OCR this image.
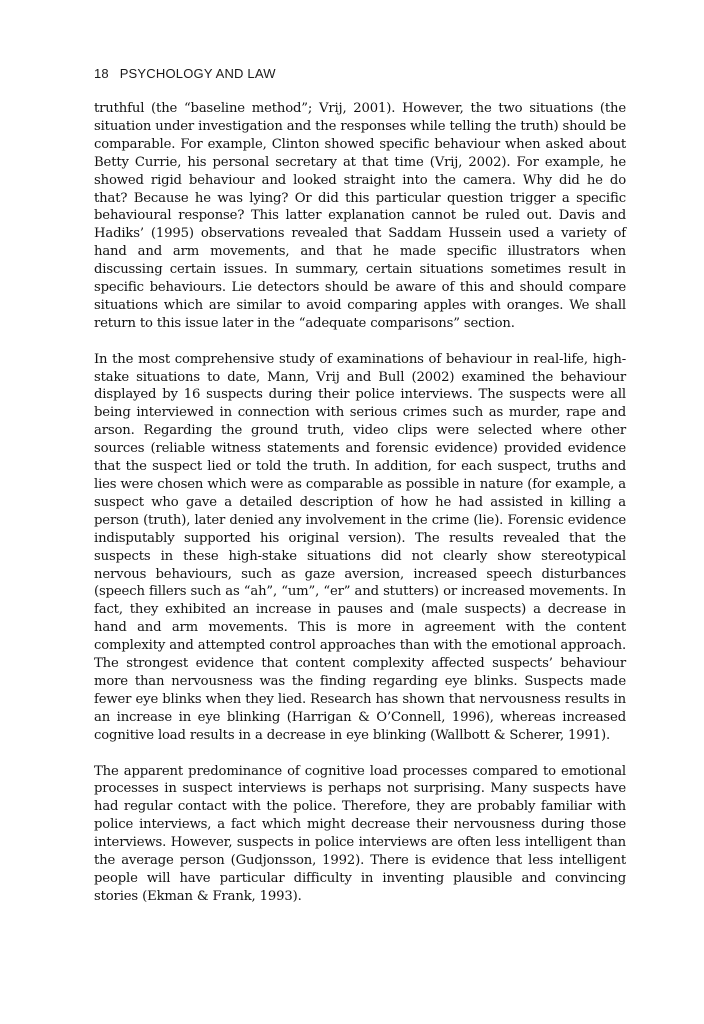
18 PSYCHOLOGY AND LAW

truthful (the “baseline method”; Vrij, 2001). However, the two situations (the situation under investigation and the responses while telling the truth) should be comparable. For example, Clinton showed specific behaviour when asked about Betty Currie, his personal secretary at that time (Vrij, 2002). For example, he showed rigid behaviour and looked straight into the camera. Why did he do that? Because he was lying? Or did this particular question trigger a specific behavioural response? This latter explanation cannot be ruled out. Davis and Hadiks’ (1995) observations revealed that Saddam Hussein used a variety of hand and arm movements, and that he made specific illustrators when discussing certain issues. In summary, certain situations sometimes result in specific behaviours. Lie detectors should be aware of this and should compare situations which are similar to avoid comparing apples with oranges. We shall return to this issue later in the “adequate comparisons” section.

In the most comprehensive study of examinations of behaviour in real-life, high-stake situations to date, Mann, Vrij and Bull (2002) examined the behaviour displayed by 16 suspects during their police interviews. The suspects were all being interviewed in connection with serious crimes such as murder, rape and arson. Regarding the ground truth, video clips were selected where other sources (reliable witness statements and forensic evidence) provided evidence that the suspect lied or told the truth. In addition, for each suspect, truths and lies were chosen which were as comparable as possible in nature (for example, a suspect who gave a detailed description of how he had assisted in killing a person (truth), later denied any involvement in the crime (lie). Forensic evidence indisputably supported his original version). The results revealed that the suspects in these high-stake situations did not clearly show stereotypical nervous behaviours, such as gaze aversion, increased speech disturbances (speech fillers such as “ah”, “um”, “er” and stutters) or increased movements. In fact, they exhibited an increase in pauses and (male suspects) a decrease in hand and arm movements. This is more in agreement with the content complexity and attempted control approaches than with the emotional approach. The strongest evidence that content complexity affected suspects’ behaviour more than nervousness was the finding regarding eye blinks. Suspects made fewer eye blinks when they lied. Research has shown that nervousness results in an increase in eye blinking (Harrigan & O’Connell, 1996), whereas increased cognitive load results in a decrease in eye blinking (Wallbott & Scherer, 1991).

The apparent predominance of cognitive load processes compared to emotional processes in suspect interviews is perhaps not surprising. Many suspects have had regular contact with the police. Therefore, they are probably familiar with police interviews, a fact which might decrease their nervousness during those interviews. However, suspects in police interviews are often less intelligent than the average person (Gudjonsson, 1992). There is evidence that less intelligent people will have particular difficulty in inventing plausible and convincing stories (Ekman & Frank, 1993).
